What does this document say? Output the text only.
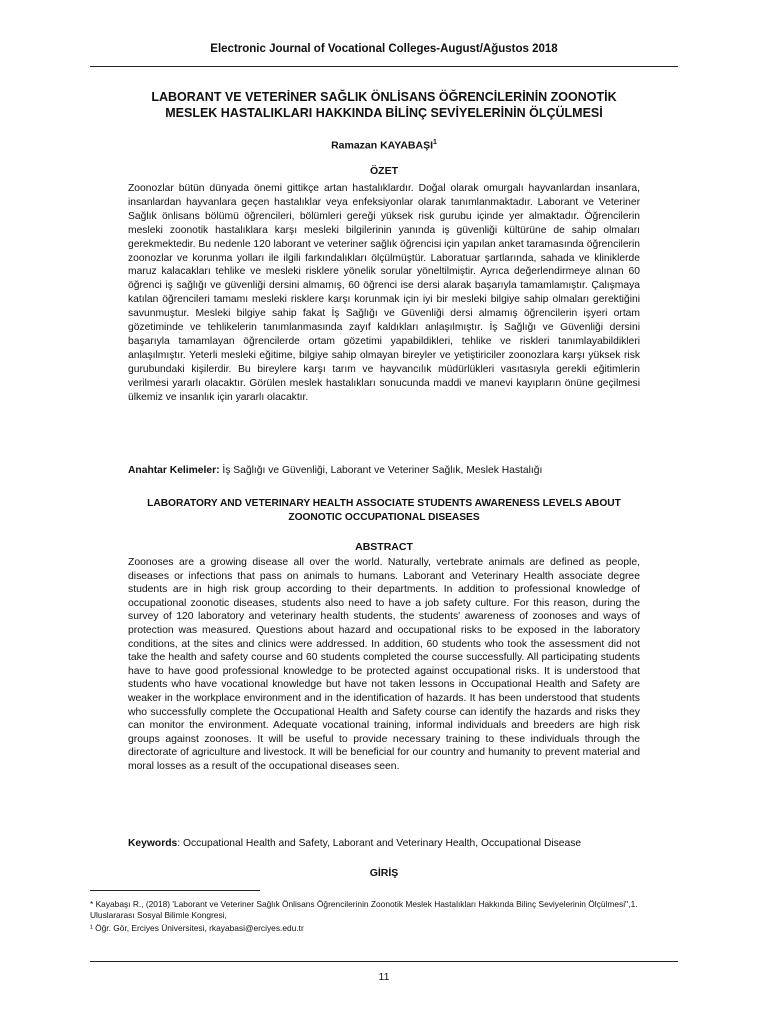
Electronic Journal of Vocational Colleges-August/Ağustos 2018
LABORANT VE VETERİNER SAĞLIK ÖNLİSANS ÖĞRENCİLERİNİN ZOONOTİK
MESLEK HASTALIKLARI HAKKINDA BİLİNÇ SEVİYELERİNİN ÖLÇÜLMESİ
Ramazan KAYABAŞI$^1$
ÖZET
Zoonozlar bütün dünyada önemi gittikçe artan hastalıklardır. Doğal olarak omurgalı hayvanlardan insanlara, insanlardan hayvanlara geçen hastalıklar veya enfeksiyonlar olarak tanımlanmaktadır. Laborant ve Veteriner Sağlık önlisans bölümü öğrencileri, bölümleri gereği yüksek risk gurubu içinde yer almaktadır. Öğrencilerin mesleki zoonotik hastalıklara karşı mesleki bilgilerinin yanında iş güvenliği kültürüne de sahip olmaları gerekmektedir. Bu nedenle 120 laborant ve veteriner sağlık öğrencisi için yapılan anket taramasında öğrencilerin zoonozlar ve korunma yolları ile ilgili farkındalıkları ölçülmüştür. Laboratuar şartlarında, sahada ve kliniklerde maruz kalacakları tehlike ve mesleki risklere yönelik sorular yöneltilmiştir. Ayrıca değerlendirmeye alınan 60 öğrenci iş sağlığı ve güvenliği dersini almamış, 60 öğrenci ise dersi alarak başarıyla tamamlamıştır. Çalışmaya katılan öğrencileri tamamı mesleki risklere karşı korunmak için iyi bir mesleki bilgiye sahip olmaları gerektiğini savunmuştur. Mesleki bilgiye sahip fakat İş Sağlığı ve Güvenliği dersi almamış öğrencilerin işyeri ortam gözetiminde ve tehlikelerin tanımlanmasında zayıf kaldıkları anlaşılmıştır. İş Sağlığı ve Güvenliği dersini başarıyla tamamlayan öğrencilerde ortam gözetimi yapabildikleri, tehlike ve riskleri tanımlayabildikleri anlaşılmıştır. Yeterli mesleki eğitime, bilgiye sahip olmayan bireyler ve yetiştiriciler zoonozlara karşı yüksek risk gurubundaki kişilerdir. Bu bireylere karşı tarım ve hayvancılık müdürlükleri vasıtasıyla gerekli eğitimlerin verilmesi yararlı olacaktır. Görülen meslek hastalıkları sonucunda maddi ve manevi kayıpların önüne geçilmesi ülkemiz ve insanlık için yararlı olacaktır.
Anahtar Kelimeler: İş Sağlığı ve Güvenliği, Laborant ve Veteriner Sağlık, Meslek Hastalığı
LABORATORY AND VETERINARY HEALTH ASSOCIATE STUDENTS AWARENESS LEVELS ABOUT
ZOONOTIC OCCUPATIONAL DISEASES
ABSTRACT
Zoonoses are a growing disease all over the world. Naturally, vertebrate animals are defined as people, diseases or infections that pass on animals to humans. Laborant and Veterinary Health associate degree students are in high risk group according to their departments. In addition to professional knowledge of occupational zoonotic diseases, students also need to have a job safety culture. For this reason, during the survey of 120 laboratory and veterinary health students, the students' awareness of zoonoses and ways of protection was measured. Questions about hazard and occupational risks to be exposed in the laboratory conditions, at the sites and clinics were addressed. In addition, 60 students who took the assessment did not take the health and safety course and 60 students completed the course successfully. All participating students have to have good professional knowledge to be protected against occupational risks. It is understood that students who have vocational knowledge but have not taken lessons in Occupational Health and Safety are weaker in the workplace environment and in the identification of hazards. It has been understood that students who successfully complete the Occupational Health and Safety course can identify the hazards and risks they can monitor the environment. Adequate vocational training, informal individuals and breeders are high risk groups against zoonoses. It will be useful to provide necessary training to these individuals through the directorate of agriculture and livestock. It will be beneficial for our country and humanity to prevent material and moral losses as a result of the occupational diseases seen.
Keywords: Occupational Health and Safety, Laborant and Veterinary Health, Occupational Disease
GİRİŞ
* Kayabaşı R., (2018) 'Laborant ve Veteriner Sağlık Önlisans Öğrencilerinin Zoonotik Meslek Hastalıkları Hakkında Bilinç Seviyelerinin Ölçülmesi'',1. Uluslararası Sosyal Bilimle Kongresi,
¹ Öğr. Gör, Erciyes Üniversitesi, rkayabasi@erciyes.edu.tr
11
